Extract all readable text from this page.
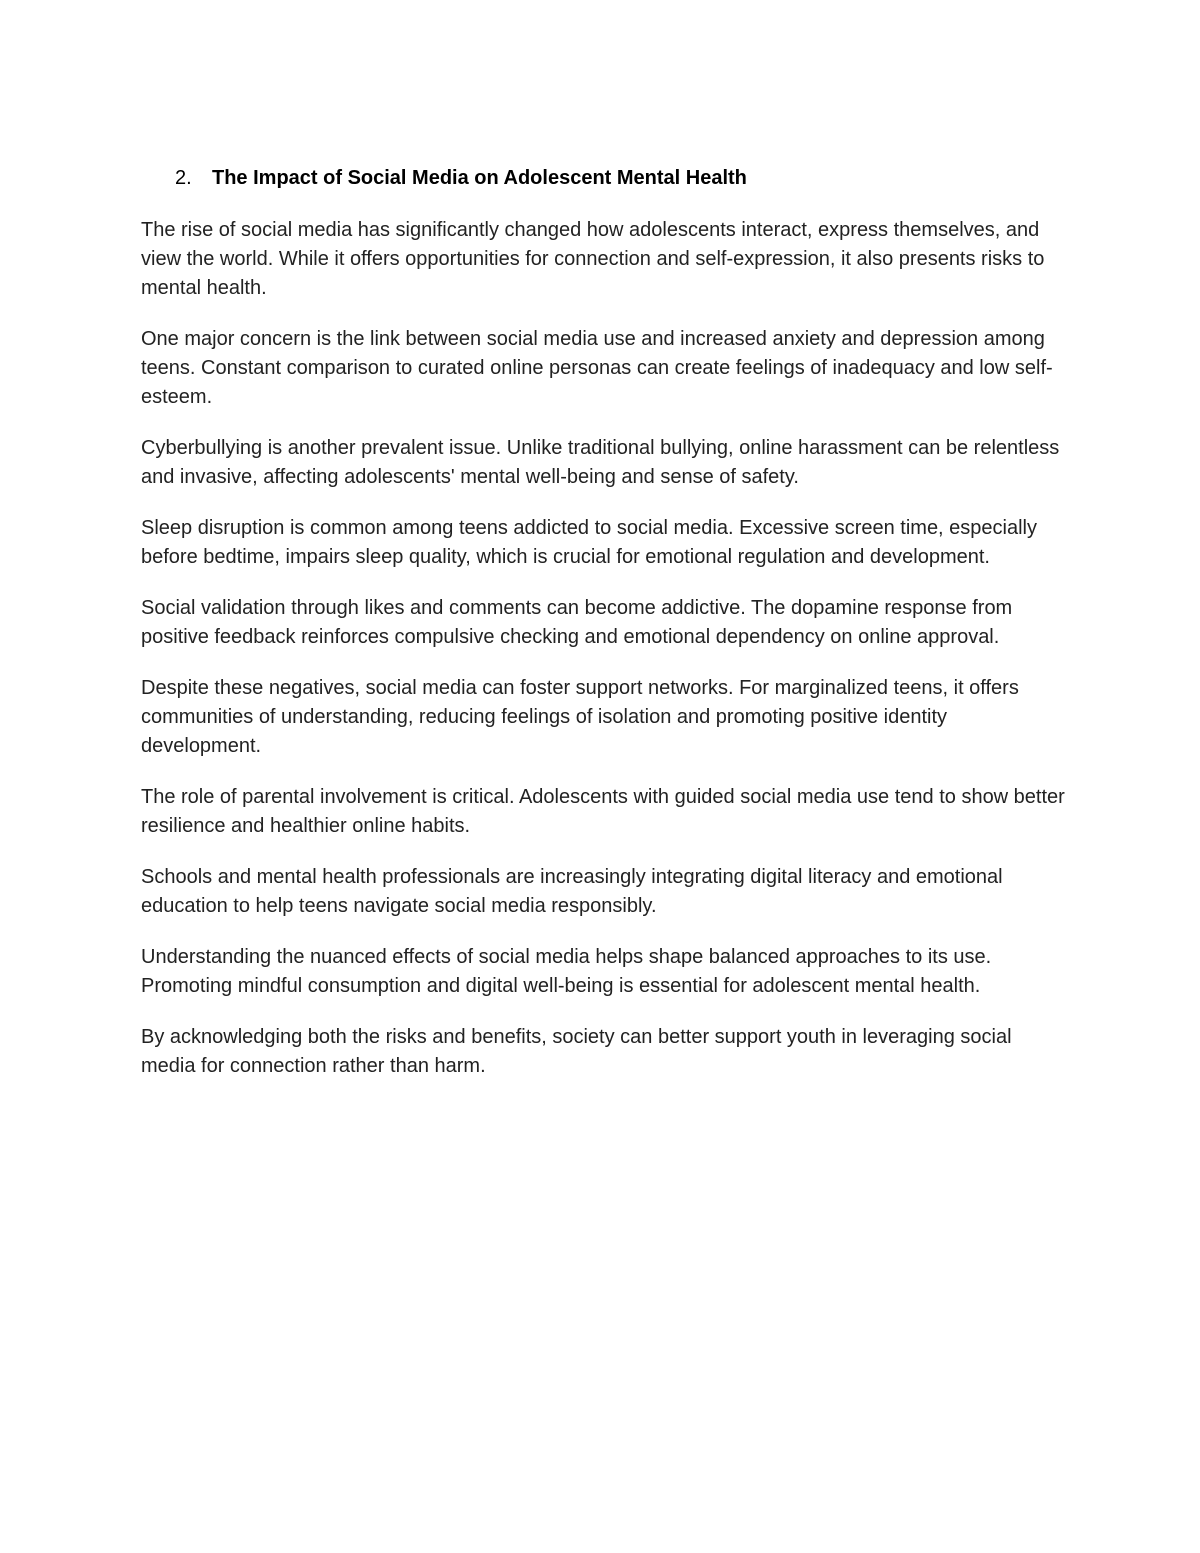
2. The Impact of Social Media on Adolescent Mental Health

The rise of social media has significantly changed how adolescents interact, express themselves, and view the world. While it offers opportunities for connection and self-expression, it also presents risks to mental health.

One major concern is the link between social media use and increased anxiety and depression among teens. Constant comparison to curated online personas can create feelings of inadequacy and low self-esteem.

Cyberbullying is another prevalent issue. Unlike traditional bullying, online harassment can be relentless and invasive, affecting adolescents' mental well-being and sense of safety.

Sleep disruption is common among teens addicted to social media. Excessive screen time, especially before bedtime, impairs sleep quality, which is crucial for emotional regulation and development.

Social validation through likes and comments can become addictive. The dopamine response from positive feedback reinforces compulsive checking and emotional dependency on online approval.

Despite these negatives, social media can foster support networks. For marginalized teens, it offers communities of understanding, reducing feelings of isolation and promoting positive identity development.

The role of parental involvement is critical. Adolescents with guided social media use tend to show better resilience and healthier online habits.

Schools and mental health professionals are increasingly integrating digital literacy and emotional education to help teens navigate social media responsibly.

Understanding the nuanced effects of social media helps shape balanced approaches to its use. Promoting mindful consumption and digital well-being is essential for adolescent mental health.

By acknowledging both the risks and benefits, society can better support youth in leveraging social media for connection rather than harm.
